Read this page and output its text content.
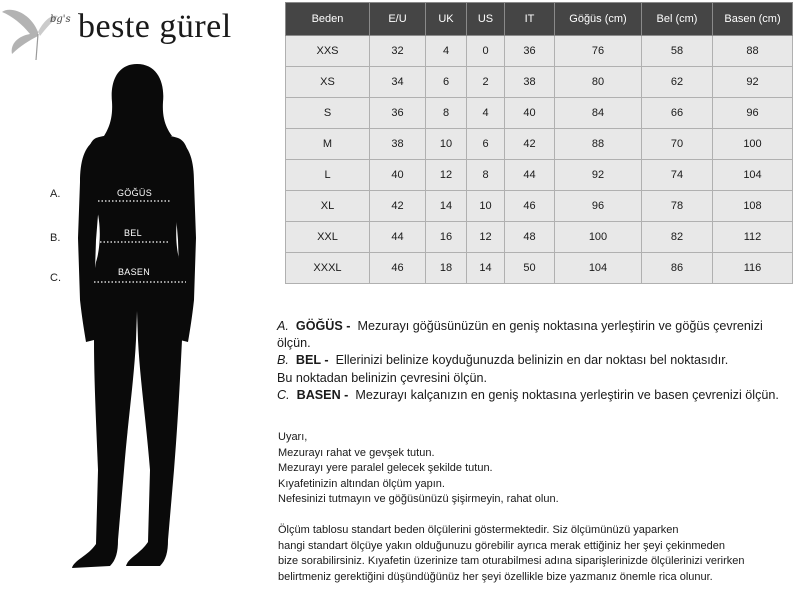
bg's beste gürel
A.	GÖĞÜS
B.	BEL
C.	BASEN
Beden	E/U	UK	US	IT	Göğüs (cm)	Bel (cm)	Basen (cm)
XXS	32	4	0	36	76	58	88
XS	34	6	2	38	80	62	92
S	36	8	4	40	84	66	96
M	38	10	6	42	88	70	100
L	40	12	8	44	92	74	104
XL	42	14	10	46	96	78	108
XXL	44	16	12	48	100	82	112
XXXL	46	18	14	50	104	86	116

A. GÖĞÜS - Mezurayı göğüsünüzün en geniş noktasına yerleştirin ve göğüs çevrenizi ölçün.

B. BEL - Ellerinizi belinize koyduğunuzda belinizin en dar noktası bel noktasıdır.

Bu noktadan belinizin çevresini ölçün.

C. BASEN - Mezurayı kalçanızın en geniş noktasına yerleştirin ve basen çevrenizi ölçün.

Uyarı,

Mezurayı rahat ve gevşek tutun.

Mezurayı yere paralel gelecek şekilde tutun.

Kıyafetinizin altından ölçüm yapın.

Nefesinizi tutmayın ve göğüsünüzü şişirmeyin, rahat olun.

Ölçüm tablosu standart beden ölçülerini göstermektedir. Siz ölçümünüzü yaparken

hangi standart ölçüye yakın olduğunuzu görebilir ayrıca merak ettiğiniz her şeyi çekinmeden

bize sorabilirsiniz. Kıyafetin üzerinize tam oturabilmesi adına siparişlerinizde ölçülerinizi verirken

belirtmeniz gerektiğini düşündüğünüz her şeyi özellikle bize yazmanız önemle rica olunur.
